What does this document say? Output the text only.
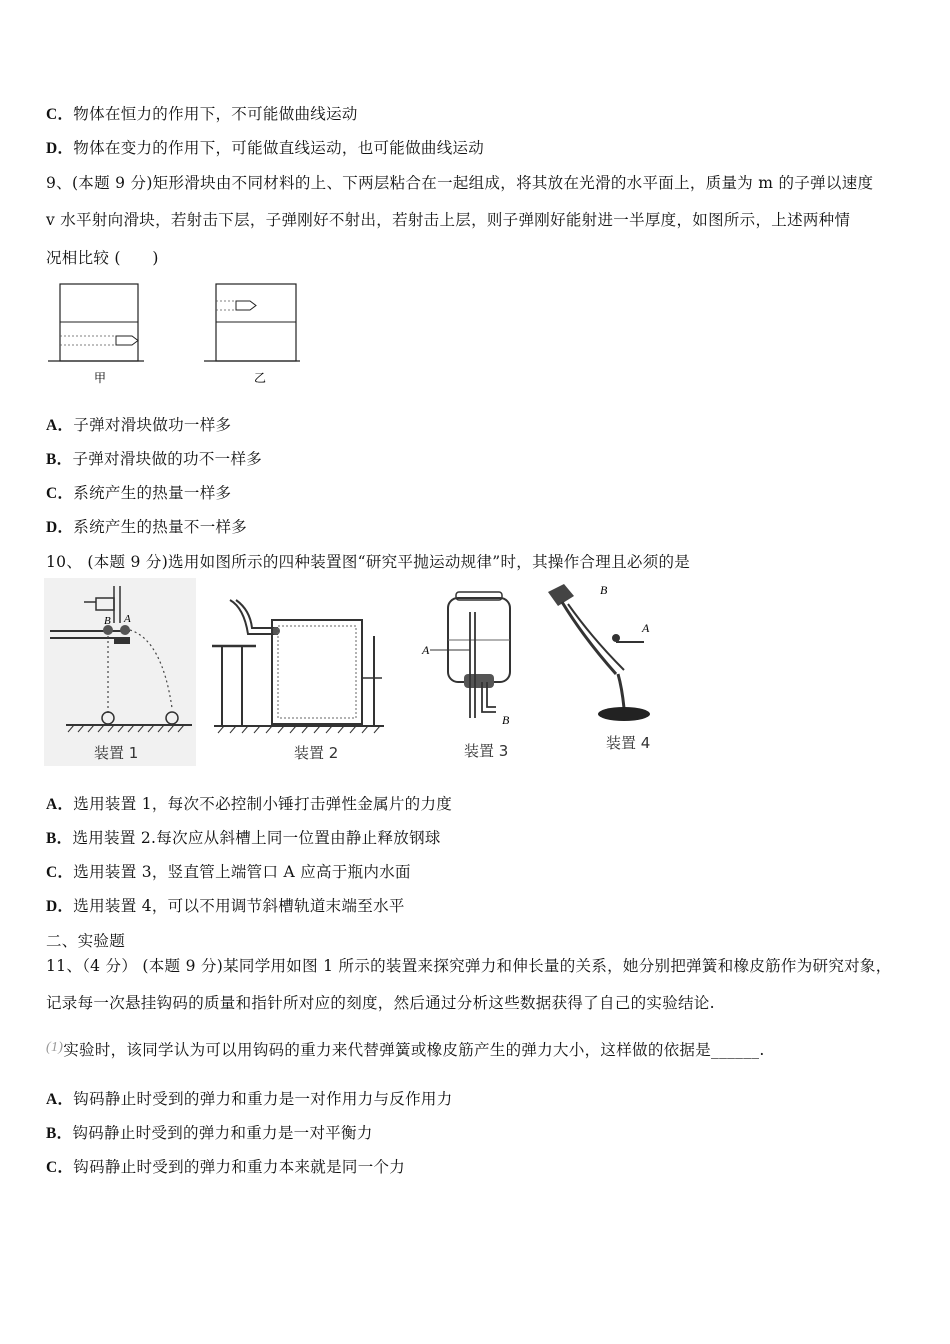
C．物体在恒力的作用下，不可能做曲线运动
D．物体在变力的作用下，可能做直线运动，也可能做曲线运动
9、(本题 9 分)矩形滑块由不同材料的上、下两层粘合在一起组成，将其放在光滑的水平面上，质量为 m 的子弹以速度
v 水平射向滑块，若射击下层，子弹刚好不射出，若射击上层，则子弹刚好能射进一半厚度，如图所示，上述两种情
况相比较 (　　)
甲	乙
A．子弹对滑块做功一样多
B．子弹对滑块做的功不一样多
C．系统产生的热量一样多
D．系统产生的热量不一样多
10、 (本题 9 分)选用如图所示的四种装置图“研究平抛运动规律”时，其操作合理且必须的是
B A
装置 1	装置 2
A
B
装置 3
B
A
装置 4
A．选用装置 1，每次不必控制小锤打击弹性金属片的力度
B．选用装置 2.每次应从斜槽上同一位置由静止释放钢球
C．选用装置 3，竖直管上端管口 A 应高于瓶内水面
D．选用装置 4，可以不用调节斜槽轨道末端至水平
二、实验题
11、（4 分） (本题 9 分)某同学用如图 1 所示的装置来探究弹力和伸长量的关系，她分别把弹簧和橡皮筋作为研究对象，
记录每一次悬挂钩码的质量和指针所对应的刻度，然后通过分析这些数据获得了自己的实验结论.
(1)实验时，该同学认为可以用钩码的重力来代替弹簧或橡皮筋产生的弹力大小，这样做的依据是______.
A．钩码静止时受到的弹力和重力是一对作用力与反作用力
B．钩码静止时受到的弹力和重力是一对平衡力
C．钩码静止时受到的弹力和重力本来就是同一个力
